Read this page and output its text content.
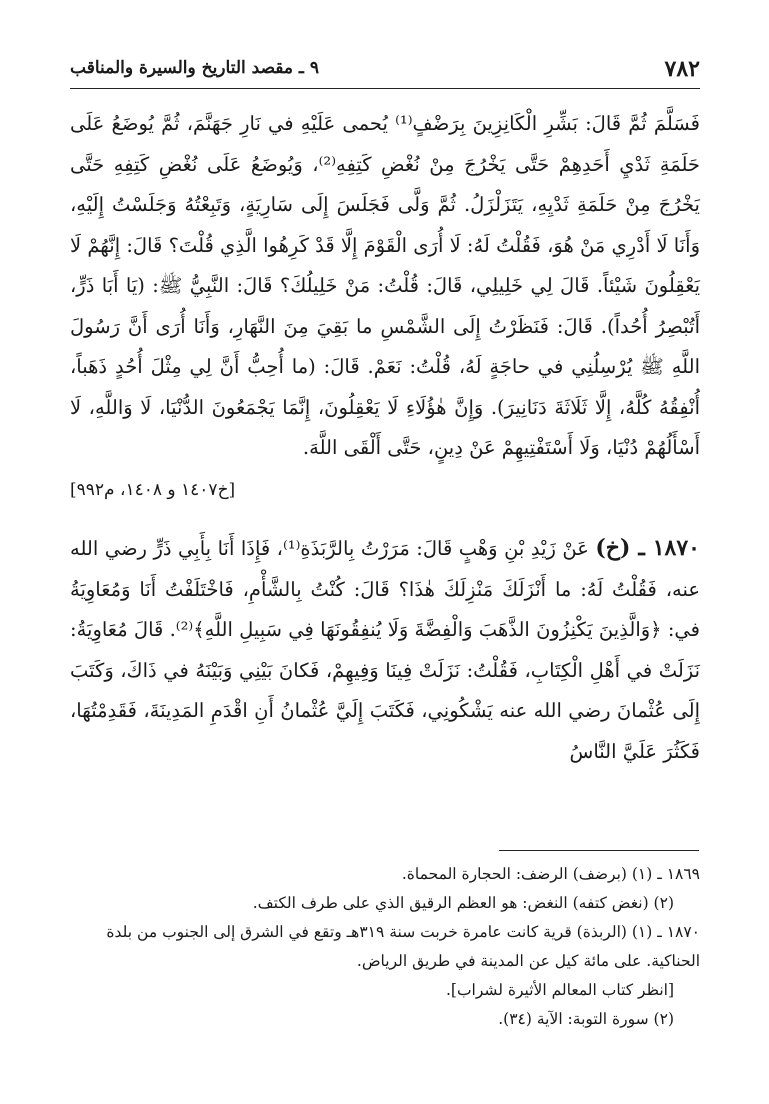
٧٨٢
٩ ـ مقصد التاريخ والسيرة والمناقب

فَسَلَّمَ ثُمَّ قَالَ: بَشِّرِ الْكَانِزِينَ بِرَضْفٍ⁽¹⁾ يُحمى عَلَيْهِ في نَارِ جَهَنَّمَ، ثُمَّ يُوضَعُ عَلَى حَلَمَةِ ثَدْيِ أَحَدِهِمْ حَتَّى يَخْرُجَ مِنْ نُغْضِ كَتِفِهِ⁽²⁾، وَيُوضَعُ عَلَى نُغْضِ كَتِفِهِ حَتَّى يَخْرُجَ مِنْ حَلَمَةِ ثَدْيِهِ، يَتَزَلْزَلُ. ثُمَّ وَلَّى فَجَلَسَ إِلَى سَارِيَةٍ، وَتَبِعْتُهُ وَجَلَسْتُ إِلَيْهِ، وَأَنَا لَا أَدْرِي مَنْ هُوَ، فَقُلْتُ لَهُ: لَا أُرَى الْقَوْمَ إِلَّا قَدْ كَرِهُوا الَّذِي قُلْتَ؟ قَالَ: إِنَّهُمْ لَا يَعْقِلُونَ شَيْئاً. قَالَ لِي خَلِيلِي، قَالَ: قُلْتُ: مَنْ خَلِيلُكَ؟ قَالَ: النَّبِيُّ ﷺ: (يَا أَبَا ذَرٍّ، أَتُبْصِرُ أُحُداً). قَالَ: فَنَظَرْتُ إِلَى الشَّمْسِ ما بَقِيَ مِنَ النَّهَارِ، وَأَنَا أُرَى أَنَّ رَسُولَ اللَّهِ ﷺ يُرْسِلُنِي في حاجَةٍ لَهُ، قُلْتُ: نَعَمْ. قَالَ: (ما أُحِبُّ أَنَّ لِي مِثْلَ أُحُدٍ ذَهَباً، أُنْفِقُهُ كُلَّهُ، إِلَّا ثَلَاثَةَ دَنَانِيرَ). وَإِنَّ هٰؤُلَاءِ لَا يَعْقِلُونَ، إِنَّمَا يَجْمَعُونَ الدُّنْيَا، لَا وَاللَّهِ، لَا أَسْأَلُهُمْ دُنْيَا، وَلَا أَسْتَفْتِيهِمْ عَنْ دِينٍ، حَتَّى أَلْقَى اللَّهَ.

[خ١٤٠٧ و ١٤٠٨، م٩٩٢]

١٨٧٠ ـ (خ) عَنْ زَيْدِ بْنِ وَهْبٍ قَالَ: مَرَرْتُ بِالرَّبَذَةِ⁽¹⁾، فَإِذَا أَنَا بِأَبِي ذَرٍّ رضي الله عنه، فَقُلْتُ لَهُ: ما أَنْزَلَكَ مَنْزِلَكَ هٰذَا؟ قَالَ: كُنْتُ بِالشَّأْمِ، فَاخْتَلَفْتُ أَنَا وَمُعَاوِيَةُ في: ﴿وَالَّذِينَ يَكْنِزُونَ الذَّهَبَ وَالْفِضَّةَ وَلَا يُنفِقُونَهَا فِي سَبِيلِ اللَّهِ﴾⁽²⁾. قَالَ مُعَاوِيَةُ: نَزَلَتْ في أَهْلِ الْكِتَابِ، فَقُلْتُ: نَزَلَتْ فِينَا وَفِيهِمْ، فَكانَ بَيْنِي وَبَيْنَهُ في ذَاكَ، وَكَتَبَ إِلَى عُثْمانَ رضي الله عنه يَشْكُونِي، فَكَتَبَ إِلَيَّ عُثْمانُ أَنِ اقْدَمِ المَدِينَةَ، فَقَدِمْتُهَا، فَكَثُرَ عَلَيَّ النَّاسُ

١٨٦٩ ـ (١) (برضف) الرضف: الحجارة المحماة.

(٢) (نغض كتفه) النغض: هو العظم الرقيق الذي على طرف الكتف.

١٨٧٠ ـ (١) (الربذة) قرية كانت عامرة خربت سنة ٣١٩هـ وتقع في الشرق إلى الجنوب من بلدة الحناكية. على مائة كيل عن المدينة في طريق الرياض.

[انظر كتاب المعالم الأثيرة لشراب].

(٢) سورة التوبة: الآية (٣٤).
